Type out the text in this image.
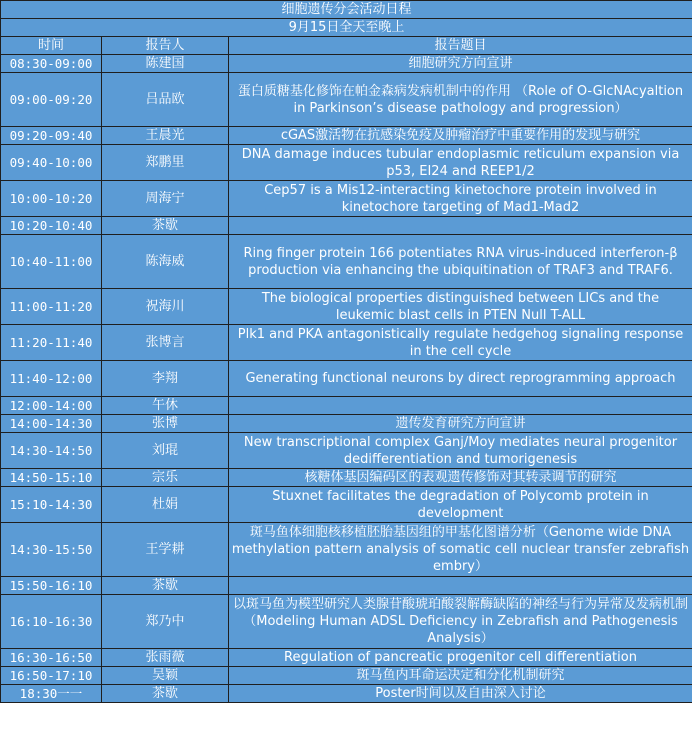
细胞遗传分会活动日程		
9月15日全天至晚上		
时间	报告人	报告题目
08:30-09:00	陈建国	细胞研究方向宣讲
09:00-09:20	吕品欧	蛋白质糖基化修饰在帕金森病发病机制中的作用 （Role of O-GlcNAcyaltion in Parkinson’s disease pathology and progression）
09:20-09:40	王晨光	cGAS激活物在抗感染免疫及肿瘤治疗中重要作用的发现与研究
09:40-10:00	郑鹏里	DNA damage induces tubular endoplasmic reticulum expansion via p53, EI24 and REEP1/2
10:00-10:20	周海宁	Cep57 is a Mis12-interacting kinetochore protein involved in kinetochore targeting of Mad1-Mad2
10:20-10:40	茶歇	
10:40-11:00	陈海威	Ring finger protein 166 potentiates RNA virus-induced interferon-β production via enhancing the ubiquitination of TRAF3 and TRAF6.
11:00-11:20	祝海川	The biological properties distinguished between LICs and the leukemic blast cells in PTEN Null T-ALL
11:20-11:40	张博言	Plk1 and PKA antagonistically regulate hedgehog signaling response in the cell cycle
11:40-12:00	李翔	Generating functional neurons by direct reprogramming approach
12:00-14:00	午休	
14:00-14:30	张博	遗传发育研究方向宣讲
14:30-14:50	刘琨	New transcriptional complex Ganj/Moy mediates neural progenitor dedifferentiation and tumorigenesis
14:50-15:10	宗乐	核糖体基因编码区的表观遗传修饰对其转录调节的研究
15:10-14:30	杜娟	Stuxnet facilitates the degradation of Polycomb protein in development
14:30-15:50	王学耕	斑马鱼体细胞核移植胚胎基因组的甲基化图谱分析（Genome wide DNA methylation pattern analysis of somatic cell nuclear transfer zebrafish embry）
15:50-16:10	茶歇	
16:10-16:30	郑乃中	以斑马鱼为模型研究人类腺苷酸琥珀酸裂解酶缺陷的神经与行为异常及发病机制（Modeling Human ADSL Deficiency in Zebrafish and Pathogenesis Analysis）
16:30-16:50	张雨薇	Regulation of pancreatic progenitor cell differentiation
16:50-17:10	吴颖	斑马鱼内耳命运决定和分化机制研究
18:30一一	茶歇	Poster时间以及自由深入讨论
